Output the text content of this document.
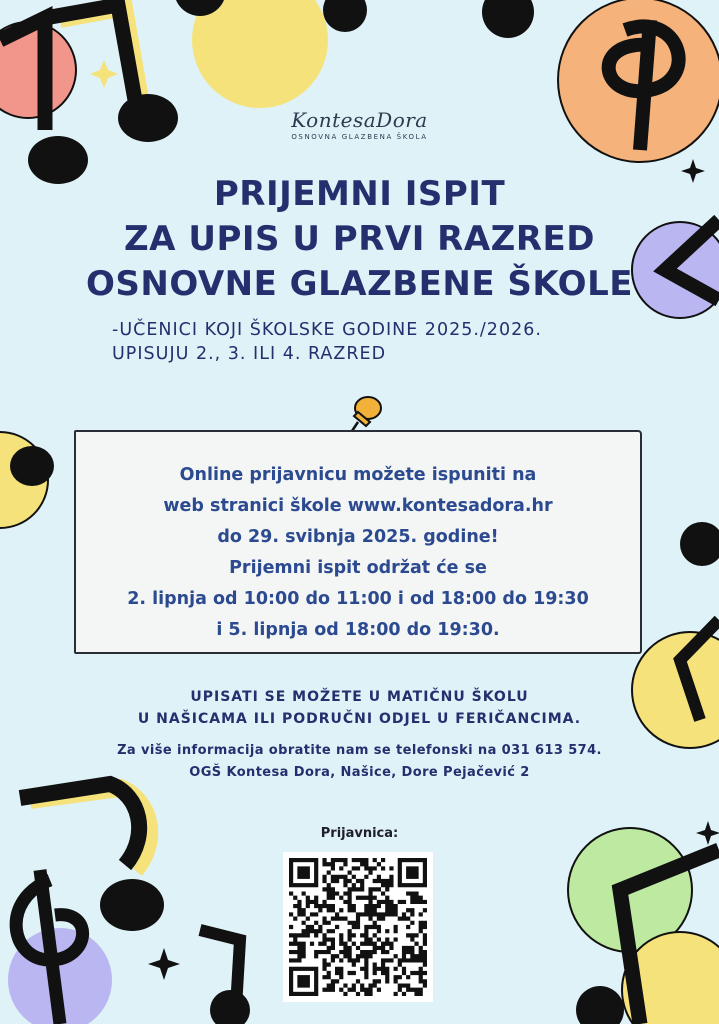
KontesaDora
OSNOVNA GLAZBENA ŠKOLA
PRIJEMNI ISPIT
ZA UPIS U PRVI RAZRED
OSNOVNE GLAZBENE ŠKOLE
-UČENICI KOJI ŠKOLSKE GODINE 2025./2026.
UPISUJU 2., 3. ILI 4. RAZRED
Online prijavnicu možete ispuniti na
web stranici škole www.kontesadora.hr
do 29. svibnja 2025. godine!
Prijemni ispit održat će se
2. lipnja od 10:00 do 11:00 i od 18:00 do 19:30
i 5. lipnja od 18:00 do 19:30.
UPISATI SE MOŽETE U MATIČNU ŠKOLU
U NAŠICAMA ILI PODRUČNI ODJEL U FERIČANCIMA.
Za više informacija obratite nam se telefonski na 031 613 574.
OGŠ Kontesa Dora, Našice, Dore Pejačević 2
Prijavnica:
